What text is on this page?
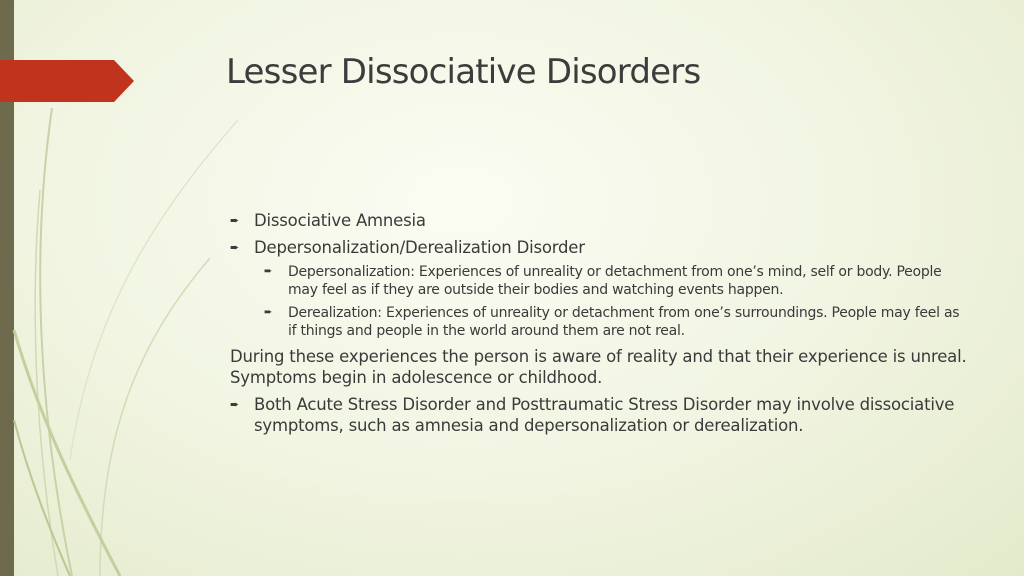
Lesser Dissociative Disorders
➨ Dissociative Amnesia
➨ Depersonalization/Derealization Disorder
➨	Depersonalization: Experiences of unreality or detachment from one’s mind, self or body. People may feel as if they are outside their bodies and watching events happen.
➨	Derealization: Experiences of unreality or detachment from one’s surroundings. People may feel as if things and people in the world around them are not real.
During these experiences the person is aware of reality and that their experience is unreal. Symptoms begin in adolescence or childhood.
➨ Both Acute Stress Disorder and Posttraumatic Stress Disorder may involve dissociative symptoms, such as amnesia and depersonalization or derealization.
